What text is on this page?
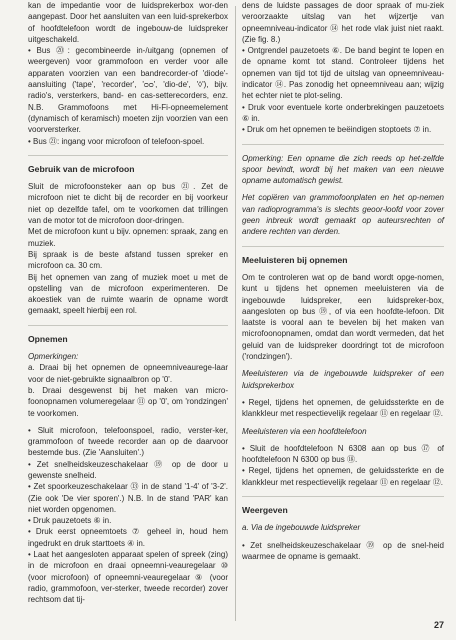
kan de impedantie voor de luidsprekerbox wor-den aangepast. Door het aansluiten van een luid-sprekerbox of hoofdtelefoon wordt de ingebouw-de luidspreker uitgeschakeld.

• Bus ⑳: gecombineerde in-/uitgang (opnemen of weergeven) voor grammofoon en verder voor alle apparaten voorzien van een bandrecorder-of 'diode'-aansluiting ('tape', 'recorder', 'ᴑᴑ', 'dio-de', '◊'), bijv. radio's, versterkers, band- en cas-setterecorders, enz. N.B. Grammofoons met Hi-Fi-opneemelement (dynamisch of keramisch) moeten zijn voorzien van een voorversterker.

• Bus ㉑: ingang voor microfoon of telefoon-spoel.

Gebruik van de microfoon

Sluit de microfoonsteker aan op bus ㉑. Zet de microfoon niet te dicht bij de recorder en bij voorkeur niet op dezelfde tafel, om te voorkomen dat trillingen van de motor tot de microfoon door-dringen.

Met de microfoon kunt u bijv. opnemen: spraak, zang en muziek.

Bij spraak is de beste afstand tussen spreker en microfoon ca. 30 cm.

Bij het opnemen van zang of muziek moet u met de opstelling van de microfoon experimenteren. De akoestiek van de ruimte waarin de opname wordt gemaakt, speelt hierbij een rol.

Opnemen

Opmerkingen:

a. Draai bij het opnemen de opneemniveaurege-laar voor de niet-gebruikte signaalbron op '0'.

b. Draai desgewenst bij het maken van micro-foonopnamen volumeregelaar ⑪ op '0', om 'rondzingen' te voorkomen.

• Sluit microfoon, telefoonspoel, radio, verster-ker, grammofoon of tweede recorder aan op de daarvoor bestemde bus. (Zie 'Aansluiten'.)

• Zet snelheidskeuzeschakelaar ⑲ op de door u gewenste snelheid.

• Zet spoorkeuzeschakelaar ⑬ in de stand '1-4' of '3-2'. (Zie ook 'De vier sporen'.) N.B. In de stand 'PAR' kan niet worden opgenomen.

• Druk pauzetoets ⑥ in.

• Druk eerst opneemtoets ⑦ geheel in, houd hem ingedrukt en druk starttoets ④ in.

• Laat het aangesloten apparaat spelen of spreek (zing) in de microfoon en draai opneemni-veauregelaar ⑩ (voor microfoon) of opneemni-veauregelaar ⑨ (voor radio, grammofoon, ver-sterker, tweede recorder) zover rechtsom dat tij-

dens de luidste passages de door spraak of mu-ziek veroorzaakte uitslag van het wijzertje van opneemniveau-indicator ⑭ het rode vlak juist niet raakt. (Zie fig. 8.)

• Ontgrendel pauzetoets ⑥. De band begint te lopen en de opname komt tot stand. Controleer tijdens het opnemen van tijd tot tijd de uitslag van opneemniveau-indicator ⑭. Pas zonodig het opneemniveau aan; wijzig het echter niet te plot-seling.

• Druk voor eventuele korte onderbrekingen pauzetoets ⑥ in.

• Druk om het opnemen te beëindigen stoptoets ⑦ in.

Opmerking: Een opname die zich reeds op het-zelfde spoor bevindt, wordt bij het maken van een nieuwe opname automatisch gewist.

Het copiëren van grammofoonplaten en het op-nemen van radioprogramma's is slechts geoor-loofd voor zover geen inbreuk wordt gemaakt op auteursrechten of andere rechten van derden.

Meeluisteren bij opnemen

Om te controleren wat op de band wordt opge-nomen, kunt u tijdens het opnemen meeluisteren via de ingebouwde luidspreker, een luidspreker-box, aangesloten op bus ⑲, of via een hoofdte-lefoon. Dit laatste is vooral aan te bevelen bij het maken van microfoonopnamen, omdat dan wordt vermeden, dat het geluid van de luidspreker doordringt tot de microfoon ('rondzingen').

Meeluisteren via de ingebouwde luidspreker of een luidsprekerbox

• Regel, tijdens het opnemen, de geluidssterkte en de klankkleur met respectievelijk regelaar ⑪ en regelaar ⑫.

Meeluisteren via een hoofdtelefoon

• Sluit de hoofdtelefoon N 6308 aan op bus ⑰ of hoofdtelefoon N 6300 op bus ⑱.

• Regel, tijdens het opnemen, de geluidssterkte en de klankkleur met respectievelijk regelaar ⑪ en regelaar ⑫.

Weergeven

a. Via de ingebouwde luidspreker

• Zet snelheidskeuzeschakelaar ⑲ op de snel-heid waarmee de opname is gemaakt.

27
